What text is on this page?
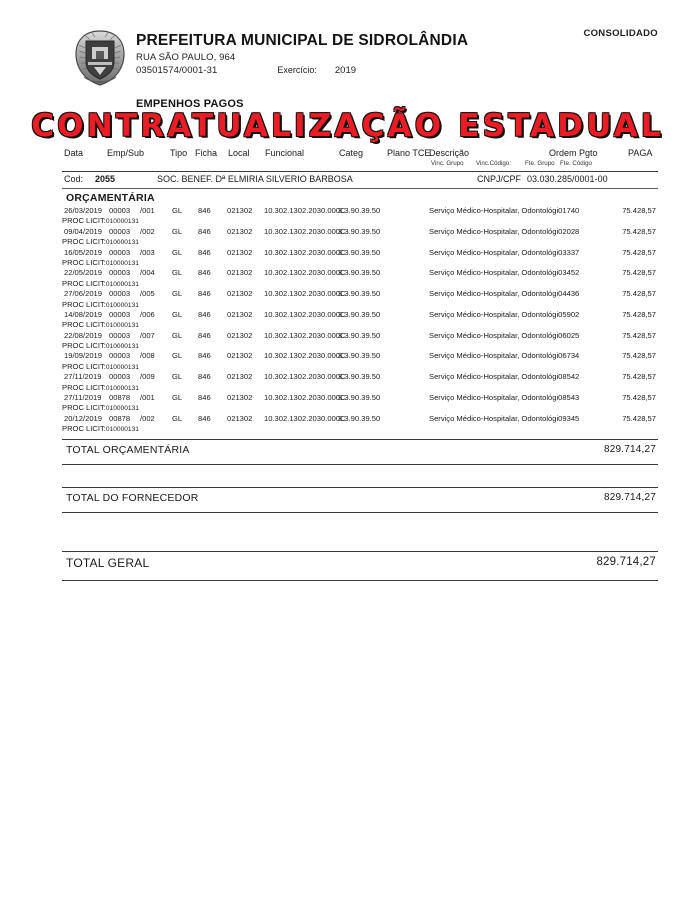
CONSOLIDADO
PREFEITURA MUNICIPAL DE SIDROLÂNDIA
RUA SÃO PAULO, 964
03501574/0001-31	Exercício: 2019
EMPENHOS PAGOS
CONTRATUALIZAÇÃO ESTADUAL
Data	Emp/Sub	Tipo Ficha Local Funcional	Categ	Plano TCE
Descrição	Ordem Pgto	PAGA
Vinc. Grupo Vinc.Código: Fte. Grupo Fte. Código
Cod: 2055	SOC. BENEF. Dª ELMIRIA SILVERIO BARBOSA	CNPJ/CPF 03.030.285/0001-00
ORÇAMENTÁRIA
26/03/2019 00003 /001 GL 846 021302 10.302.1302.2030.000C
3.3.90.39.50	Serviço Médico-Hospitalar, Odontológi01740	75.428,57
PROC LICIT:010000131
09/04/2019 00003 /002 GL 846 021302 10.302.1302.2030.000C
3.3.90.39.50	Serviço Médico-Hospitalar, Odontológi02028	75.428,57
PROC LICIT:010000131
16/05/2019 00003 /003 GL 846 021302 10.302.1302.2030.000C
3.3.90.39.50	Serviço Médico-Hospitalar, Odontológi03337	75.428,57
PROC LICIT:010000131
22/05/2019 00003 /004 GL 846 021302 10.302.1302.2030.000C
3.3.90.39.50	Serviço Médico-Hospitalar, Odontológi03452	75.428,57
PROC LICIT:010000131
27/06/2019 00003 /005 GL 846 021302 10.302.1302.2030.000C
3.3.90.39.50	Serviço Médico-Hospitalar, Odontológi04436	75.428,57
PROC LICIT:010000131
14/08/2019 00003 /006 GL 846 021302 10.302.1302.2030.000C
3.3.90.39.50	Serviço Médico-Hospitalar, Odontológi05902	75.428,57
PROC LICIT:010000131
22/08/2019 00003 /007 GL 846 021302 10.302.1302.2030.000C
3.3.90.39.50	Serviço Médico-Hospitalar, Odontológi06025	75.428,57
PROC LICIT:010000131
19/09/2019 00003 /008 GL 846 021302 10.302.1302.2030.000C
3.3.90.39.50	Serviço Médico-Hospitalar, Odontológi06734	75.428,57
PROC LICIT:010000131
27/11/2019 00003 /009 GL 846 021302 10.302.1302.2030.000C
3.3.90.39.50	Serviço Médico-Hospitalar, Odontológi08542	75.428,57
PROC LICIT:010000131
27/11/2019 00878 /001 GL 846 021302 10.302.1302.2030.000C
3.3.90.39.50	Serviço Médico-Hospitalar, Odontológi08543	75.428,57
PROC LICIT:010000131
20/12/2019 00878 /002 GL 846 021302 10.302.1302.2030.000C
3.3.90.39.50	Serviço Médico-Hospitalar, Odontológi09345	75.428,57
PROC LICIT:010000131
TOTAL ORÇAMENTÁRIA	829.714,27
TOTAL DO FORNECEDOR	829.714,27
TOTAL GERAL	829.714,27
